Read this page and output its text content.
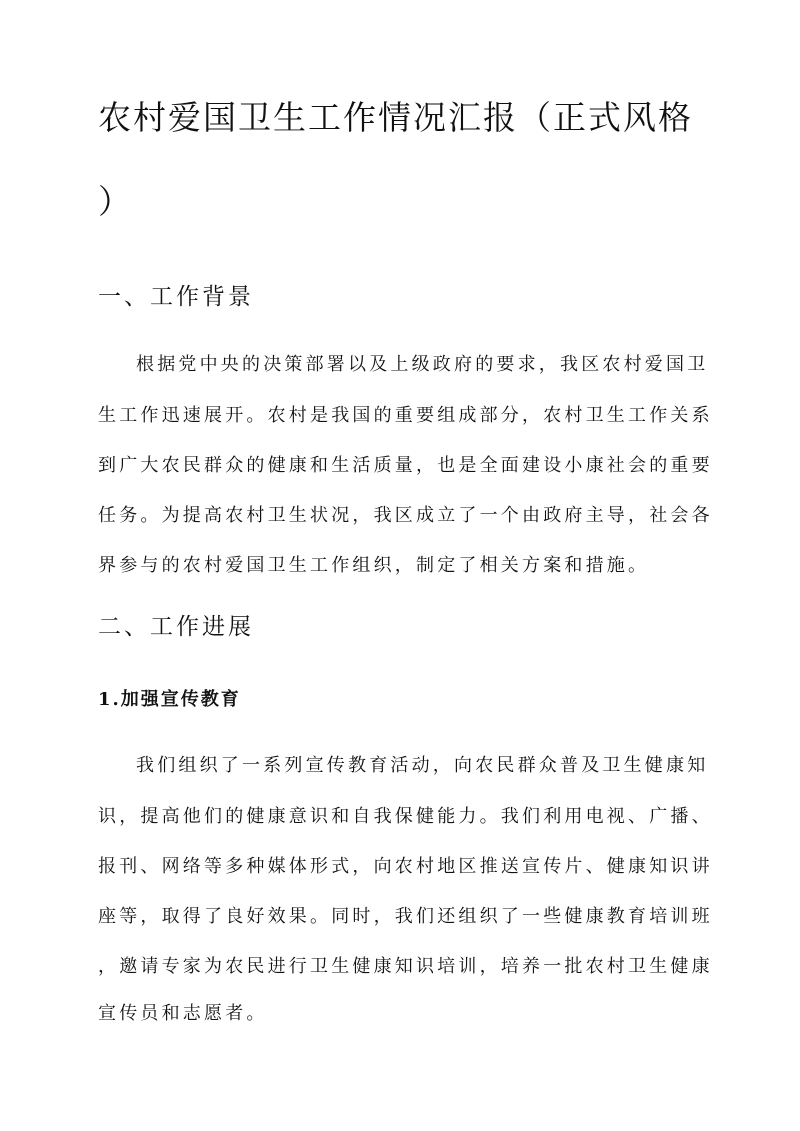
农村爱国卫生工作情况汇报（正式风格
）
一、工作背景
根据党中央的决策部署以及上级政府的要求，我区农村爱国卫
生工作迅速展开。农村是我国的重要组成部分，农村卫生工作关系
到广大农民群众的健康和生活质量，也是全面建设小康社会的重要
任务。为提高农村卫生状况，我区成立了一个由政府主导，社会各
界参与的农村爱国卫生工作组织，制定了相关方案和措施。
二、工作进展
1.加强宣传教育
我们组织了一系列宣传教育活动，向农民群众普及卫生健康知
识，提高他们的健康意识和自我保健能力。我们利用电视、广播、
报刊、网络等多种媒体形式，向农村地区推送宣传片、健康知识讲
座等，取得了良好效果。同时，我们还组织了一些健康教育培训班
，邀请专家为农民进行卫生健康知识培训，培养一批农村卫生健康
宣传员和志愿者。
